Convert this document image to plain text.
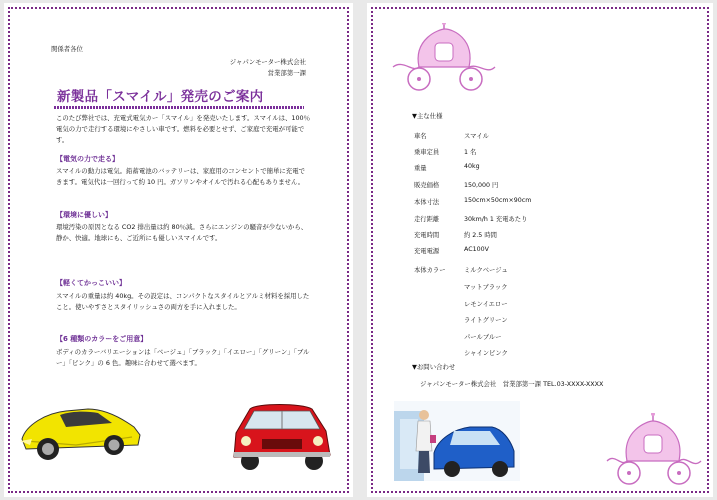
関係者各位
ジャパンモーター株式会社
営業部第一課
新製品「スマイル」発売のご案内
このたび弊社では、充電式電気カー「スマイル」を発売いたします。スマイルは、100％電気の力で走行する環境にやさしい車です。燃料を必要とせず、ご家庭で充電が可能です。
【電気の力で走る】
スマイルの動力は電気。鉛蓄電池のバッテリーは、家庭用のコンセントで簡単に充電できます。電気代は一回行って約 10 円。ガソリンやオイルで汚れる心配もありません。
【環境に優しい】
環境汚染の原因となる CO2 排出量は約 80％減。さらにエンジンの騒音が少ないから、静か、快適。地球にも、ご近所にも優しいスマイルです。
【軽くてかっこいい】
スマイルの重量は約 40kg。その設定は、コンパクトなスタイルとアルミ材料を採用したこと。使いやすさとスタイリッシュさの両方を手に入れました。
【6 種類のカラーをご用意】
ボディのカラーバリエーションは「ベージュ」「ブラック」「イエロー」「グリーン」「ブルー」「ピンク」の 6 色。趣味に合わせて選べます。
▼主な仕様
車名	スマイル
乗車定員	1 名
重量	40kg
販売価格	150,000 円
本体寸法	150cm×50cm×90cm
走行距離	30km/h 1 充電あたり
充電時間	約 2.5 時間
充電電源	AC100V
本体カラー	ミルクベージュ
マットブラック
レモンイエロー
ライトグリーン
パールブルー
シャインピンク
▼お問い合わせ
ジャパンモーター株式会社　営業部第一課 TEL.03-XXXX-XXXX
